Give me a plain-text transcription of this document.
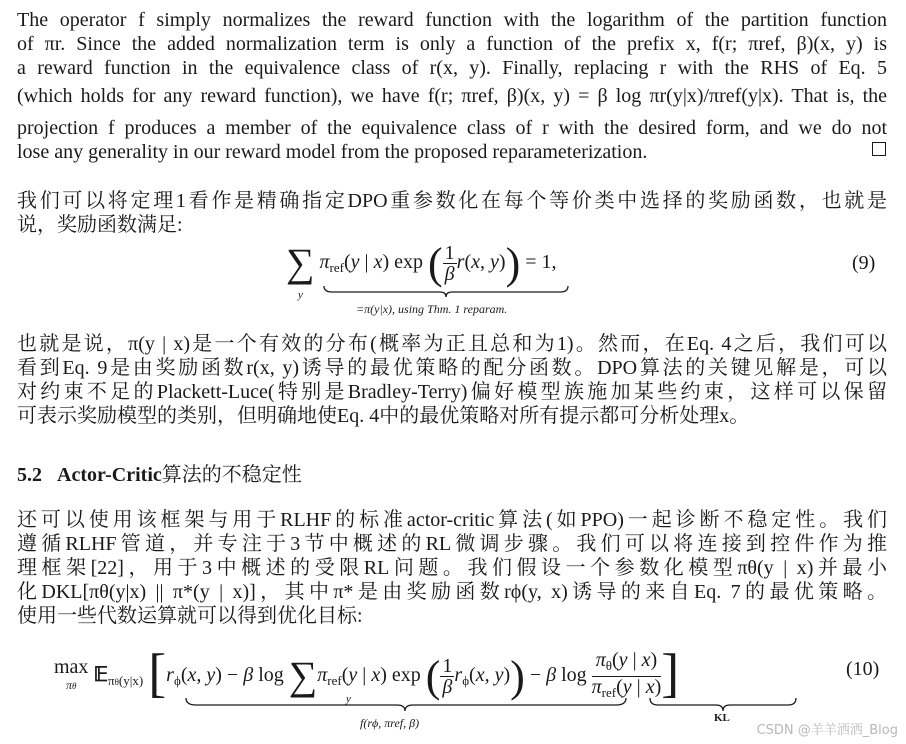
The operator f simply normalizes the reward function with the logarithm of the partition function
of πr. Since the added normalization term is only a function of the prefix x, f(r; πref, β)(x, y) is
a reward function in the equivalence class of r(x, y). Finally, replacing r with the RHS of Eq. 5
(which holds for any reward function), we have f(r; πref, β)(x, y) = β log πr(y|x)/πref(y|x). That is, the
projection f produces a member of the equivalence class of r with the desired form, and we do not
lose any generality in our reward model from the proposed reparameterization.
我们可以将定理1看作是精确指定DPO重参数化在每个等价类中选择的奖励函数，也就是
说，奖励函数满足:
∑ $\pi_{ref}(y$ | x) exp ( $\frac{1}{\beta} r(x$, y)) = 1,
y
=π(y|x), using Thm. 1 reparam.
(9)
也就是说，π(y | x)是一个有效的分布(概率为正且总和为1)。然而，在Eq. 4之后，我们可以
看到Eq. 9是由奖励函数r(x, y)诱导的最优策略的配分函数。DPO算法的关键见解是，可以
对约束不足的Plackett-Luce(特别是Bradley-Terry)偏好模型族施加某些约束，这样可以保留
可表示奖励模型的类别，但明确地使Eq. 4中的最优策略对所有提示都可分析处理x。
5.2 Actor-Critic算法的不稳定性
还可以使用该框架与用于RLHF的标准actor-critic算法(如PPO)一起诊断不稳定性。我们
遵循RLHF管道，并专注于3节中概述的RL微调步骤。我们可以将连接到控件作为推
理框架[22]，用于3中概述的受限RL问题。我们假设一个参数化模型πθ(y | x)并最小
化DKL[πθ(y|x) || π*(y | x)]，其中π*是由奖励函数rϕ(y, x)诱导的来自Eq. 7的最优策略。
使用一些代数运算就可以得到优化目标:
max
πθ 𝔼$_{\pi\theta(y|x)}$ [$r_\phi(x$, y) − β $\log \sum\pi_{ref}(y$ | x) exp ( $\frac{1}{\beta} r_\phi(x$, y)) − β $\log \frac{\pi_\theta(y | x)}{\pi_{ref}(y | x)}$ ]
y
f(rϕ, πref, β)	KL
(10)
CSDN @羊羊洒洒_Blog
